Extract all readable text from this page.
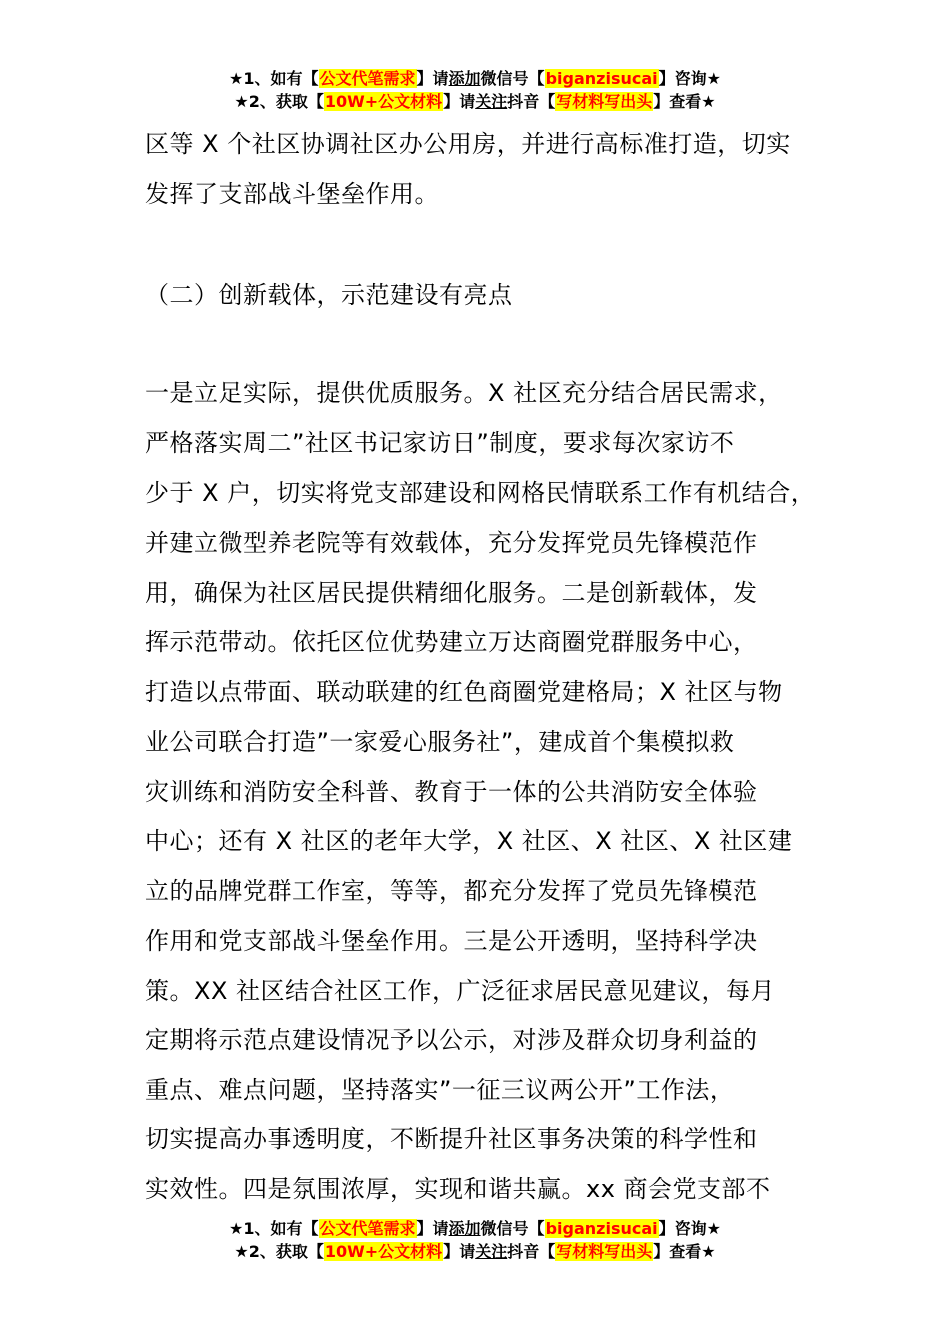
★1、如有【公文代笔需求】请添加微信号【biganzisucai】咨询★
★2、获取【10W+公文材料】请关注抖音【写材料写出头】查看★
区等 X 个社区协调社区办公用房，并进行高标准打造，切实
发挥了支部战斗堡垒作用。
（二）创新载体，示范建设有亮点
一是立足实际，提供优质服务。X 社区充分结合居民需求，
严格落实周二”社区书记家访日”制度，要求每次家访不
少于 X 户，切实将党支部建设和网格民情联系工作有机结合，
并建立微型养老院等有效载体，充分发挥党员先锋模范作
用，确保为社区居民提供精细化服务。二是创新载体，发
挥示范带动。依托区位优势建立万达商圈党群服务中心，
打造以点带面、联动联建的红色商圈党建格局；X 社区与物
业公司联合打造”一家爱心服务社”，建成首个集模拟救
灾训练和消防安全科普、教育于一体的公共消防安全体验
中心；还有 X 社区的老年大学，X 社区、X 社区、X 社区建
立的品牌党群工作室，等等，都充分发挥了党员先锋模范
作用和党支部战斗堡垒作用。三是公开透明，坚持科学决
策。XX 社区结合社区工作，广泛征求居民意见建议，每月
定期将示范点建设情况予以公示，对涉及群众切身利益的
重点、难点问题，坚持落实”一征三议两公开”工作法，
切实提高办事透明度，不断提升社区事务决策的科学性和
实效性。四是氛围浓厚，实现和谐共赢。xx 商会党支部不
★1、如有【公文代笔需求】请添加微信号【biganzisucai】咨询★
★2、获取【10W+公文材料】请关注抖音【写材料写出头】查看★
